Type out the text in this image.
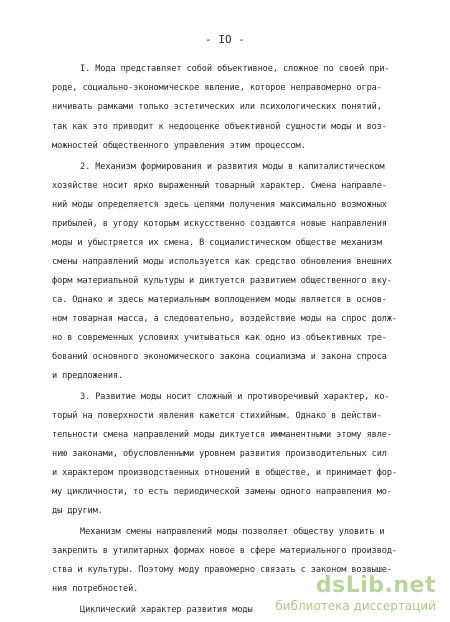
- IO -
I. Мода представляет собой объективное, сложное по своей при-
роде, социально-экономическое явление, которое неправомерно огра-
ничивать рамками только эстетических или психологических понятий,
так как это приводит к недооценке объективной сущности моды и воз-
можностей общественного управления этим процессом.
2. Механизм формирования и развития моды в капиталистическом
хозяйстве носит ярко выраженный товарный характер. Смена направле-
ний моды определяется здесь целями получения максимально возможных
прибылей, в угоду которым искусственно создаются новые направления
моды и убыстряется их смена. В социалистическом обществе механизм
смены направлений моды используется как средство обновления внешних
форм материальной культуры и диктуется развитием общественного вку-
са. Однако и здесь материальным воплощением моды является в основ-
ном товарная масса, а следовательно, воздействие моды на спрос долж-
но в современных условиях учитываться как одно из объективных тре-
бований основного экономического закона социализма и закона спроса
и предложения.
3. Развитие моды носит сложный и противоречивый характер, ко-
торый на поверхности явления кажется стихийным. Однако в действи-
тельности смена направлений моды диктуется имманентными этому явле-
нию законами, обусловленными уровнем развития производительных сил
и характером производственных отношений в обществе, и принимает фор-
му цикличности, то есть периодической замены одного направления мо-
ды другим.
Механизм смены направлений моды позволяет обществу уловить и
закрепить в утилитарных формах новое в сфере материального производ-
ства и культуры. Поэтому моду правомерно связать с законом возвыше-
ния потребностей.
Циклический характер развития моды
dsLib.net
библиотека диссертаций
